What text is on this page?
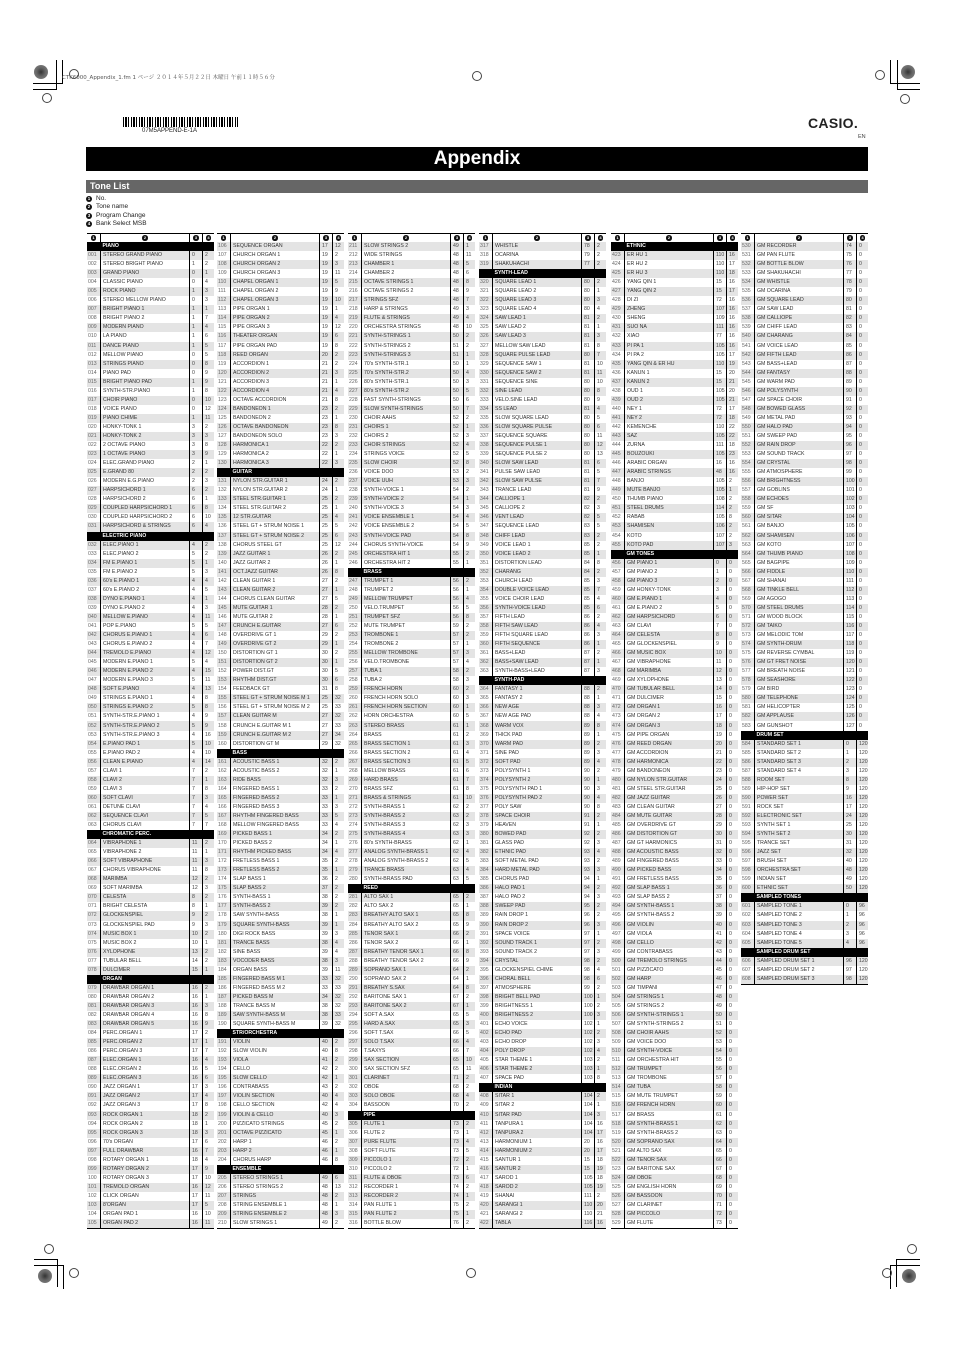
CTK6000_Appendix_1.fm 1 ページ ２０１４年５月２２日 木曜日 午前１１時５６分
07M5APPEND-E-1A	CASIO.
EN
Appendix
Tone List
1 No.
2 Tone name
3 Program Change
4 Bank Select MSB
1	2	3	4
	PIANO		
001	STEREO GRAND PIANO	0	2
002	STEREO BRIGHT PIANO	1	2
003	GRAND PIANO	0	1
004	CLASSIC PIANO	0	4
005	ROCK PIANO	1	3
006	STEREO MELLOW PIANO	0	3
007	BRIGHT PIANO 1	1	1
008	BRIGHT PIANO 2	1	7
009	MODERN PIANO	1	4
010	LA PIANO	1	6
011	DANCE PIANO	1	5
012	MELLOW PIANO	0	5
013	STRINGS PIANO	0	8
014	PIANO PAD	0	9
015	BRIGHT PIANO PAD	1	9
016	SYNTH-STR.PIANO	1	8
017	CHOIR PIANO	0	10
018	VOICE PIANO	0	12
019	PIANO CHIME	1	11
020	HONKY-TONK 1	3	2
021	HONKY-TONK 2	3	3
022	2 OCTAVE PIANO	3	8
023	1 OCTAVE PIANO	3	9
024	ELEC.GRAND PIANO	2	1
025	E.GRAND 80	2	2
026	MODERN E.G.PIANO	2	3
027	HARPSICHORD 1	6	2
028	HARPSICHORD 2	6	1
029	COUPLED HARPSICHORD 1	6	8
030	COUPLED HARPSICHORD 2	6	10
031	HARPSICHORD & STRINGS	6	4
	ELECTRIC PIANO		
032	ELEC.PIANO 1	4	2
033	ELEC.PIANO 2	5	2
034	FM E.PIANO 1	5	1
035	FM E.PIANO 2	5	3
036	60's E.PIANO 1	4	4
037	60's E.PIANO 2	4	5
038	DYNO E.PIANO 1	4	1
039	DYNO E.PIANO 2	4	3
040	MELLOW E.PIANO	4	11
041	POP E.PIANO	5	5
042	CHORUS E.PIANO 1	4	6
043	CHORUS E.PIANO 2	4	7
044	TREMOLO E.PIANO	4	12
045	MODERN E.PIANO 1	5	4
046	MODERN E.PIANO 2	4	15
047	MODERN E.PIANO 3	5	11
048	SOFT E.PIANO	4	13
049	STRINGS E.PIANO 1	4	8
050	STRINGS E.PIANO 2	5	8
051	SYNTH-STR.E.PIANO 1	4	9
052	SYNTH-STR.E.PIANO 2	5	9
053	SYNTH-STR.E.PIANO 3	4	16
054	E.PIANO PAD 1	5	10
055	E.PIANO PAD 2	4	10
056	CLEAN E.PIANO	4	14
057	CLAVI 1	7	2
058	CLAVI 2	7	1
059	CLAVI 3	7	8
060	SOFT CLAVI	7	3
061	DETUNE CLAVI	7	4
062	SEQUENCE CLAVI	7	5
063	CHORUS CLAVI	7	7
	CHROMATIC PERC.		
064	VIBRAPHONE 1	11	2
065	VIBRAPHONE 2	11	1
066	SOFT VIBRAPHONE	11	3
067	CHORUS VIBRAPHONE	11	8
068	MARIMBA	12	2
069	SOFT MARIMBA	12	3
070	CELESTA	8	2
071	BRIGHT CELESTA	8	1
072	GLOCKENSPIEL	9	2
073	GLOCKENSPIEL PAD	9	3
074	MUSIC BOX 1	10	2
075	MUSIC BOX 2	10	1
076	XYLOPHONE	13	2
077	TUBULAR BELL	14	2
078	DULCIMER	15	1
	ORGAN		
079	DRAWBAR ORGAN 1	16	2
080	DRAWBAR ORGAN 2	16	1
081	DRAWBAR ORGAN 3	16	3
082	DRAWBAR ORGAN 4	16	8
083	DRAWBAR ORGAN 5	16	9
084	PERC.ORGAN 1	17	2
085	PERC.ORGAN 2	17	1
086	PERC.ORGAN 3	17	7
087	ELEC.ORGAN 1	16	4
088	ELEC.ORGAN 2	16	5
089	ELEC.ORGAN 3	16	6
090	JAZZ ORGAN 1	17	3
091	JAZZ ORGAN 2	17	4
092	JAZZ ORGAN 3	17	8
093	ROCK ORGAN 1	18	2
094	ROCK ORGAN 2	18	1
095	ROCK ORGAN 3	18	3
096	70's ORGAN	17	6
097	FULL DRAWBAR	16	7
098	ROTARY ORGAN 1	18	4
099	ROTARY ORGAN 2	17	9
100	ROTARY ORGAN 3	17	10
101	TREMOLO ORGAN	16	12
102	CLICK ORGAN	17	11
103	8'ORGAN	17	5
104	ORGAN PAD 1	16	10
105	ORGAN PAD 2	16	11
1	2	3	4
106	SEQUENCE ORGAN	17	12
107	CHURCH ORGAN 1	19	2
108	CHURCH ORGAN 2	19	3
109	CHURCH ORGAN 3	19	11
110	CHAPEL ORGAN 1	19	5
111	CHAPEL ORGAN 2	19	9
112	CHAPEL ORGAN 3	19	10
113	PIPE ORGAN 1	19	1
114	PIPE ORGAN 2	19	4
115	PIPE ORGAN 3	19	12
116	THEATER ORGAN	19	6
117	PIPE ORGAN PAD	19	8
118	REED ORGAN	20	2
119	ACCORDION 1	21	2
120	ACCORDION 2	21	3
121	ACCORDION 3	21	1
122	ACCORDION 4	21	4
123	OCTAVE ACCORDION	21	8
124	BANDONEON 1	23	2
125	BANDONEON 2	23	1
126	OCTAVE BANDONEON	23	8
127	BANDONEON SOLO	23	3
128	HARMONICA 1	22	2
129	HARMONICA 2	22	1
130	HARMONICA 3	22	3
	GUITAR		
131	NYLON STR.GUITAR 1	24	2
132	NYLON STR.GUITAR 2	24	1
133	STEEL STR.GUITAR 1	25	2
134	STEEL STR.GUITAR 2	25	1
135	12 STR.GUITAR	25	4
136	STEEL GT + STRUM NOISE 1	25	5
137	STEEL GT + STRUM NOISE 2	25	6
138	CHORUS STEEL GT	25	12
139	JAZZ GUITAR 1	26	2
140	JAZZ GUITAR 2	26	1
141	OCT.JAZZ GUITAR	26	8
142	CLEAN GUITAR 1	27	2
143	CLEAN GUITAR 2	27	1
144	CHORUS CLEAN GUITAR	27	5
145	MUTE GUITAR 1	28	2
146	MUTE GUITAR 2	28	1
147	CRUNCH E.GUITAR	27	6
148	OVERDRIVE GT 1	29	2
149	OVERDRIVE GT 2	29	1
150	DISTORTION GT 1	30	2
151	DISTORTION GT 2	30	1
152	POWER DIST.GT	30	5
153	RHYTHM DIST.GT	30	6
154	FEEDBACK GT	31	8
155	STEEL GT + STRUM NOISE M 1	25	32
156	STEEL GT + STRUM NOISE M 2	25	33
157	CLEAN GUITAR M	27	32
158	CRUNCH E.GUITAR M 1	27	33
159	CRUNCH E.GUITAR M 2	27	34
160	DISTORTION GT M	29	32
	BASS		
161	ACOUSTIC BASS 1	32	2
162	ACOUSTIC BASS 2	32	1
163	RIDE BASS	32	3
164	FINGERED BASS 1	33	2
165	FINGERED BASS 2	33	1
166	FINGERED BASS 3	33	3
167	RHYTHM FINGERED BASS	33	5
168	MELLOW FINGERED BASS	33	4
169	PICKED BASS 1	34	2
170	PICKED BASS 2	34	1
171	RHYTHM PICKED BASS	34	4
172	FRETLESS BASS 1	35	2
173	FRETLESS BASS 2	35	1
174	SLAP BASS 1	36	2
175	SLAP BASS 2	37	2
176	SYNTH-BASS 1	38	2
177	SYNTH-BASS 2	39	2
178	SAW SYNTH-BASS	38	1
179	SQUARE SYNTH-BASS	39	1
180	DIGI ROCK BASS	39	3
181	TRANCE BASS	38	4
182	SINE BASS	39	4
183	VOCODER BASS	38	3
184	ORGAN BASS	39	11
185	FINGERED BASS M 1	33	32
186	FINGERED BASS M 2	33	33
187	PICKED BASS M	34	32
188	TRANCE BASS M	38	32
189	SAW SYNTH-BASS M	38	33
190	SQUARE SYNTH-BASS M	39	32
	STR/ORCHESTRA		
191	VIOLIN	40	2
192	SLOW VIOLIN	40	8
193	VIOLA	41	2
194	CELLO	42	2
195	SLOW CELLO	42	1
196	CONTRABASS	43	2
197	VIOLIN SECTION	40	4
198	CELLO SECTION	42	4
199	VIOLIN & CELLO	40	3
200	PIZZICATO STRINGS	45	2
201	OCTAVE PIZZICATO	45	1
202	HARP 1	46	2
203	HARP 2	46	1
204	CHORUS HARP	46	8
	ENSEMBLE		
205	STEREO STRINGS 1	49	6
206	STEREO STRINGS 2	48	13
207	STRINGS	48	2
208	STRING ENSEMBLE 1	48	1
209	STRING ENSEMBLE 2	48	3
210	SLOW STRINGS 1	49	2
1	2	3	4
211	SLOW STRINGS 2	49	1
212	WIDE STRINGS	48	11
213	CHAMBER 1	48	5
214	CHAMBER 2	48	6
215	OCTAVE STRINGS 1	48	8
216	OCTAVE STRINGS 2	48	9
217	STRINGS SFZ	48	7
218	HARP & STRINGS	49	3
219	FLUTE & STRINGS	49	4
220	ORCHESTRA STRINGS	48	10
221	SYNTH-STRINGS 1	50	2
222	SYNTH-STRINGS 2	51	2
223	SYNTH-STRINGS 3	51	1
224	70's SYNTH-STR.1	50	1
225	70's SYNTH-STR.2	50	4
226	80's SYNTH-STR.1	50	3
227	80's SYNTH-STR.2	50	5
228	FAST SYNTH-STRINGS	50	6
229	SLOW SYNTH-STRINGS	50	7
230	CHOIR AAHS	52	2
231	CHOIRS 1	52	1
232	CHOIRS 2	52	3
233	CHOIR STRINGS	52	4
234	STRINGS VOICE	52	5
235	SLOW CHOIR	52	8
236	VOICE DOO	53	2
237	VOICE UUH	53	3
238	SYNTH-VOICE 1	54	2
239	SYNTH-VOICE 2	54	1
240	SYNTH-VOICE 3	54	3
241	VOICE ENSEMBLE 1	54	4
242	VOICE ENSEMBLE 2	54	5
243	SYNTH-VOICE PAD	54	8
244	CHORUS SYNTH-VOICE	54	9
245	ORCHESTRA HIT 1	55	2
246	ORCHESTRA HIT 2	55	1
	BRASS		
247	TRUMPET 1	56	2
248	TRUMPET 2	56	1
249	MELLOW TRUMPET	56	4
250	VELO.TRUMPET	56	5
251	TRUMPET SFZ	56	8
252	MUTE TRUMPET	59	2
253	TROMBONE 1	57	2
254	TROMBONE 2	57	1
255	MELLOW TROMBONE	57	3
256	VELO.TROMBONE	57	4
257	TUBA 1	58	2
258	TUBA 2	58	3
259	FRENCH HORN	60	2
260	FRENCH HORN SOLO	60	3
261	FRENCH HORN SECTION	60	1
262	HORN ORCHESTRA	60	5
263	STEREO BRASS	61	1
264	BRASS	61	2
265	BRASS SECTION 1	61	3
266	BRASS SECTION 2	61	4
267	BRASS SECTION 3	61	5
268	MELLOW BRASS	61	6
269	HARD BRASS	61	7
270	BRASS SFZ	61	8
271	BRASS & STRINGS	61	10
272	SYNTH-BRASS 1	62	2
273	SYNTH-BRASS 2	63	2
274	SYNTH-BRASS 3	62	3
275	SYNTH-BRASS 4	63	3
276	80's SYNTH-BRASS	62	1
277	ANALOG SYNTH-BRASS 1	62	4
278	ANALOG SYNTH-BRASS 2	62	5
279	TRANCE BRASS	63	4
280	SYNTH-BRASS PAD	63	5
	REED		
281	ALTO SAX 1	65	2
282	ALTO SAX 2	65	1
283	BREATHY ALTO SAX 1	65	8
284	BREATHY ALTO SAX 2	65	9
285	TENOR SAX 1	66	2
286	TENOR SAX 2	66	1
287	BREATHY TENOR SAX 1	66	8
288	BREATHY TENOR SAX 2	66	9
289	SOPRANO SAX 1	64	2
290	SOPRANO SAX 2	64	1
291	BREATHY S.SAX	64	8
292	BARITONE SAX 1	67	2
293	BARITONE SAX 2	67	1
294	SOFT A.SAX	65	5
295	HARD A.SAX	65	3
296	SOFT T.SAX	66	5
297	SOLO T.SAX	66	4
298	T.SAXYS	66	7
299	SAX SECTION	65	10
300	SAX SECTION SFZ	65	11
301	CLARINET	71	2
302	OBOE	68	2
303	SOLO OBOE	68	4
304	BASSOON	70	2
	PIPE		
305	FLUTE 1	73	2
306	FLUTE 2	73	1
307	PURE FLUTE	73	4
308	SOFT FLUTE	73	5
309	PICCOLO 1	72	2
310	PICCOLO 2	72	1
311	FLUTE & OBOE	73	6
312	RECORDER 1	74	2
313	RECORDER 2	74	1
314	PAN FLUTE 1	75	2
315	PAN FLUTE 2	75	1
316	BOTTLE BLOW	76	2
1	2	3	4
317	WHISTLE	78	2
318	OCARINA	79	2
319	SHAKUHACHI	77	2
	SYNTH-LEAD		
320	SQUARE LEAD 1	80	2
321	SQUARE LEAD 2	80	1
322	SQUARE LEAD 3	80	3
323	SQUARE LEAD 4	80	4
324	SAW LEAD 1	81	2
325	SAW LEAD 2	81	1
326	SAW LEAD 3	81	3
327	MELLOW SAW LEAD	81	8
328	SQUARE PULSE LEAD	80	7
329	SEQUENCE SAW 1	81	10
330	SEQUENCE SAW 2	81	11
331	SEQUENCE SINE	80	10
332	SINE LEAD	80	8
333	VELO.SINE LEAD	80	9
334	SS LEAD	81	4
335	SLOW SQUARE LEAD	80	5
336	SLOW SQUARE PULSE	80	6
337	SEQUENCE SQUARE	80	11
338	SEQUENCE PULSE 1	80	12
339	SEQUENCE PULSE 2	80	13
340	SLOW SAW LEAD	81	6
341	PULSE SAW LEAD	81	5
342	SLOW SAW PULSE	81	7
343	TRANCE LEAD	81	9
344	CALLIOPE 1	82	2
345	CALLIOPE 2	82	3
346	VENT LEAD	82	5
347	SEQUENCE LEAD	83	5
348	CHIFF LEAD	83	2
349	VOICE LEAD 1	85	2
350	VOICE LEAD 2	85	1
351	DISTORTION LEAD	84	8
352	CHARANG	84	2
353	CHURCH LEAD	85	3
354	DOUBLE VOICE LEAD	85	7
355	VOICE CHOIR LEAD	85	4
356	SYNTH-VOICE LEAD	85	6
357	FIFTH LEAD	86	2
358	FIFTH SAW LEAD	86	4
359	FIFTH SQUARE LEAD	86	3
360	FIFTH SEQUENCE	86	1
361	BASS+LEAD	87	2
362	BASS+SAW LEAD	87	1
363	SYNTH-BASS+LEAD	87	3
	SYNTH-PAD		
364	FANTASY 1	88	2
365	FANTASY 2	88	1
366	NEW AGE	88	3
367	NEW AGE PAD	88	4
368	WARM VOX	89	8
369	THICK PAD	89	1
370	WARM PAD	89	2
371	SINE PAD	89	3
372	SOFT PAD	89	4
373	POLYSYNTH 1	90	2
374	POLYSYNTH 2	90	1
375	POLYSYNTH PAD 1	90	3
376	POLYSYNTH PAD 2	90	4
377	POLY SAW	90	8
378	SPACE CHOIR	91	2
379	HEAVEN	91	1
380	BOWED PAD	92	2
381	GLASS PAD	92	3
382	ETHNIC PAD	93	4
383	SOFT METAL PAD	93	2
384	HARD METAL PAD	93	3
385	CHORUS PAD	94	1
386	HALO PAD 1	94	2
387	HALO PAD 2	94	3
388	SWEEP PAD	95	2
389	RAIN DROP 1	96	2
390	RAIN DROP 2	96	3
391	SPACE VOICE	97	1
392	SOUND TRACK 1	97	2
393	SOUND TRACK 2	97	3
394	CRYSTAL	98	2
395	GLOCKENSPIEL CHIME	98	4
396	CHORAL BELL	98	6
397	ATMOSPHERE	99	2
398	BRIGHT BELL PAD	100	1
399	BRIGHTNESS 1	100	2
400	BRIGHTNESS 2	100	3
401	ECHO VOICE	102	1
402	ECHO PAD	102	2
403	ECHO DROP	102	3
404	POLY DROP	102	4
405	STAR THEME 1	103	2
406	STAR THEME 2	103	1
407	SPACE PAD	103	8
	INDIAN		
408	SITAR 1	104	2
409	SITAR 2	104	1
410	SITAR PAD	104	3
411	TANPURA 1	104	16
412	TANPURA 2	104	17
413	HARMONIUM 1	20	16
414	HARMONIUM 2	20	17
415	SANTUR 1	15	18
416	SANTUR 2	15	19
417	SAROD 1	105	18
418	SAROD 2	105	19
419	SHANAI	111	2
420	SARANGI 1	110	20
421	SARANGI 2	110	21
422	TABLA	116	16
1	2	3	4
	ETHNIC		
423	ER HU 1	110	16
424	ER HU 2	110	17
425	ER HU 3	110	18
426	YANG QIN 1	15	16
427	YANG QIN 2	15	17
428	DI ZI	72	16
429	ZHENG	107	16
430	SHENG	109	16
431	SUO NA	111	16
432	XIAO	77	16
433	PI PA 1	105	16
434	PI PA 2	105	17
435	YANG QIN & ER HU	110	19
436	KANUN 1	15	20
437	KANUN 2	15	21
438	OUD 1	105	20
439	OUD 2	105	21
440	NEY 1	72	17
441	NEY 2	72	18
442	KEMENCHE	110	22
443	SAZ	105	22
444	ZURNA	111	18
445	BOUZOUKI	105	23
446	ARABIC ORGAN	16	16
447	ARABIC STRINGS	48	16
448	BANJO	105	2
449	MUTE BANJO	105	1
450	THUMB PIANO	108	2
451	STEEL DRUMS	114	2
452	RABAB	105	8
453	SHAMISEN	106	2
454	KOTO	107	2
455	KOTO PAD	107	3
	GM TONES		
456	GM PIANO 1	0	0
457	GM PIANO 2	1	0
458	GM PIANO 3	2	0
459	GM HONKY-TONK	3	0
460	GM E.PIANO 1	4	0
461	GM E.PIANO 2	5	0
462	GM HARPSICHORD	6	0
463	GM CLAVI	7	0
464	GM CELESTA	8	0
465	GM GLOCKENSPIEL	9	0
466	GM MUSIC BOX	10	0
467	GM VIBRAPHONE	11	0
468	GM MARIMBA	12	0
469	GM XYLOPHONE	13	0
470	GM TUBULAR BELL	14	0
471	GM DULCIMER	15	0
472	GM ORGAN 1	16	0
473	GM ORGAN 2	17	0
474	GM ORGAN 3	18	0
475	GM PIPE ORGAN	19	0
476	GM REED ORGAN	20	0
477	GM ACCORDION	21	0
478	GM HARMONICA	22	0
479	GM BANDONEON	23	0
480	GM NYLON STR.GUITAR	24	0
481	GM STEEL STR.GUITAR	25	0
482	GM JAZZ GUITAR	26	0
483	GM CLEAN GUITAR	27	0
484	GM MUTE GUITAR	28	0
485	GM OVERDRIVE GT	29	0
486	GM DISTORTION GT	30	0
487	GM GT HARMONICS	31	0
488	GM ACOUSTIC BASS	32	0
489	GM FINGERED BASS	33	0
490	GM PICKED BASS	34	0
491	GM FRETLESS BASS	35	0
492	GM SLAP BASS 1	36	0
493	GM SLAP BASS 2	37	0
494	GM SYNTH-BASS 1	38	0
495	GM SYNTH-BASS 2	39	0
496	GM VIOLIN	40	0
497	GM VIOLA	41	0
498	GM CELLO	42	0
499	GM CONTRABASS	43	0
500	GM TREMOLO STRINGS	44	0
501	GM PIZZICATO	45	0
502	GM HARP	46	0
503	GM TIMPANI	47	0
504	GM STRINGS 1	48	0
505	GM STRINGS 2	49	0
506	GM SYNTH-STRINGS 1	50	0
507	GM SYNTH-STRINGS 2	51	0
508	GM CHOIR AAHS	52	0
509	GM VOICE DOO	53	0
510	GM SYNTH-VOICE	54	0
511	GM ORCHESTRA HIT	55	0
512	GM TRUMPET	56	0
513	GM TROMBONE	57	0
514	GM TUBA	58	0
515	GM MUTE TRUMPET	59	0
516	GM FRENCH HORN	60	0
517	GM BRASS	61	0
518	GM SYNTH-BRASS 1	62	0
519	GM SYNTH-BRASS 2	63	0
520	GM SOPRANO SAX	64	0
521	GM ALTO SAX	65	0
522	GM TENOR SAX	66	0
523	GM BARITONE SAX	67	0
524	GM OBOE	68	0
525	GM ENGLISH HORN	69	0
526	GM BASSOON	70	0
527	GM CLARINET	71	0
528	GM PICCOLO	72	0
529	GM FLUTE	73	0
1	2	3	4
530	GM RECORDER	74	0
531	GM PAN FLUTE	75	0
532	GM BOTTLE BLOW	76	0
533	GM SHAKUHACHI	77	0
534	GM WHISTLE	78	0
535	GM OCARINA	79	0
536	GM SQUARE LEAD	80	0
537	GM SAW LEAD	81	0
538	GM CALLIOPE	82	0
539	GM CHIFF LEAD	83	0
540	GM CHARANG	84	0
541	GM VOICE LEAD	85	0
542	GM FIFTH LEAD	86	0
543	GM BASS+LEAD	87	0
544	GM FANTASY	88	0
545	GM WARM PAD	89	0
546	GM POLYSYNTH	90	0
547	GM SPACE CHOIR	91	0
548	GM BOWED GLASS	92	0
549	GM METAL PAD	93	0
550	GM HALO PAD	94	0
551	GM SWEEP PAD	95	0
552	GM RAIN DROP	96	0
553	GM SOUND TRACK	97	0
554	GM CRYSTAL	98	0
555	GM ATMOSPHERE	99	0
556	GM BRIGHTNESS	100	0
557	GM GOBLINS	101	0
558	GM ECHOES	102	0
559	GM SF	103	0
560	GM SITAR	104	0
561	GM BANJO	105	0
562	GM SHAMISEN	106	0
563	GM KOTO	107	0
564	GM THUMB PIANO	108	0
565	GM BAGPIPE	109	0
566	GM FIDDLE	110	0
567	GM SHANAI	111	0
568	GM TINKLE BELL	112	0
569	GM AGOGO	113	0
570	GM STEEL DRUMS	114	0
571	GM WOOD BLOCK	115	0
572	GM TAIKO	116	0
573	GM MELODIC TOM	117	0
574	GM SYNTH-DRUM	118	0
575	GM REVERSE CYMBAL	119	0
576	GM GT FRET NOISE	120	0
577	GM BREATH NOISE	121	0
578	GM SEASHORE	122	0
579	GM BIRD	123	0
580	GM TELEPHONE	124	0
581	GM HELICOPTER	125	0
582	GM APPLAUSE	126	0
583	GM GUNSHOT	127	0
	DRUM SET		
584	STANDARD SET 1	0	120
585	STANDARD SET 2	1	120
586	STANDARD SET 3	2	120
587	STANDARD SET 4	3	120
588	ROOM SET	8	120
589	HIP-HOP SET	9	120
590	POWER SET	16	120
591	ROCK SET	17	120
592	ELECTRONIC SET	24	120
593	SYNTH SET 1	25	120
594	SYNTH SET 2	30	120
595	TRANCE SET	31	120
596	JAZZ SET	32	120
597	BRUSH SET	40	120
598	ORCHESTRA SET	48	120
599	INDIAN SET	49	120
600	ETHNIC SET	50	120
	SAMPLED TONES		
601	SAMPLED TONE 1	0	96
602	SAMPLED TONE 2	1	96
603	SAMPLED TONE 3	2	96
604	SAMPLED TONE 4	3	96
605	SAMPLED TONE 5	4	96
	SAMPLED DRUM SET		
606	SAMPLED DRUM SET 1	96	120
607	SAMPLED DRUM SET 2	97	120
608	SAMPLED DRUM SET 3	98	120
